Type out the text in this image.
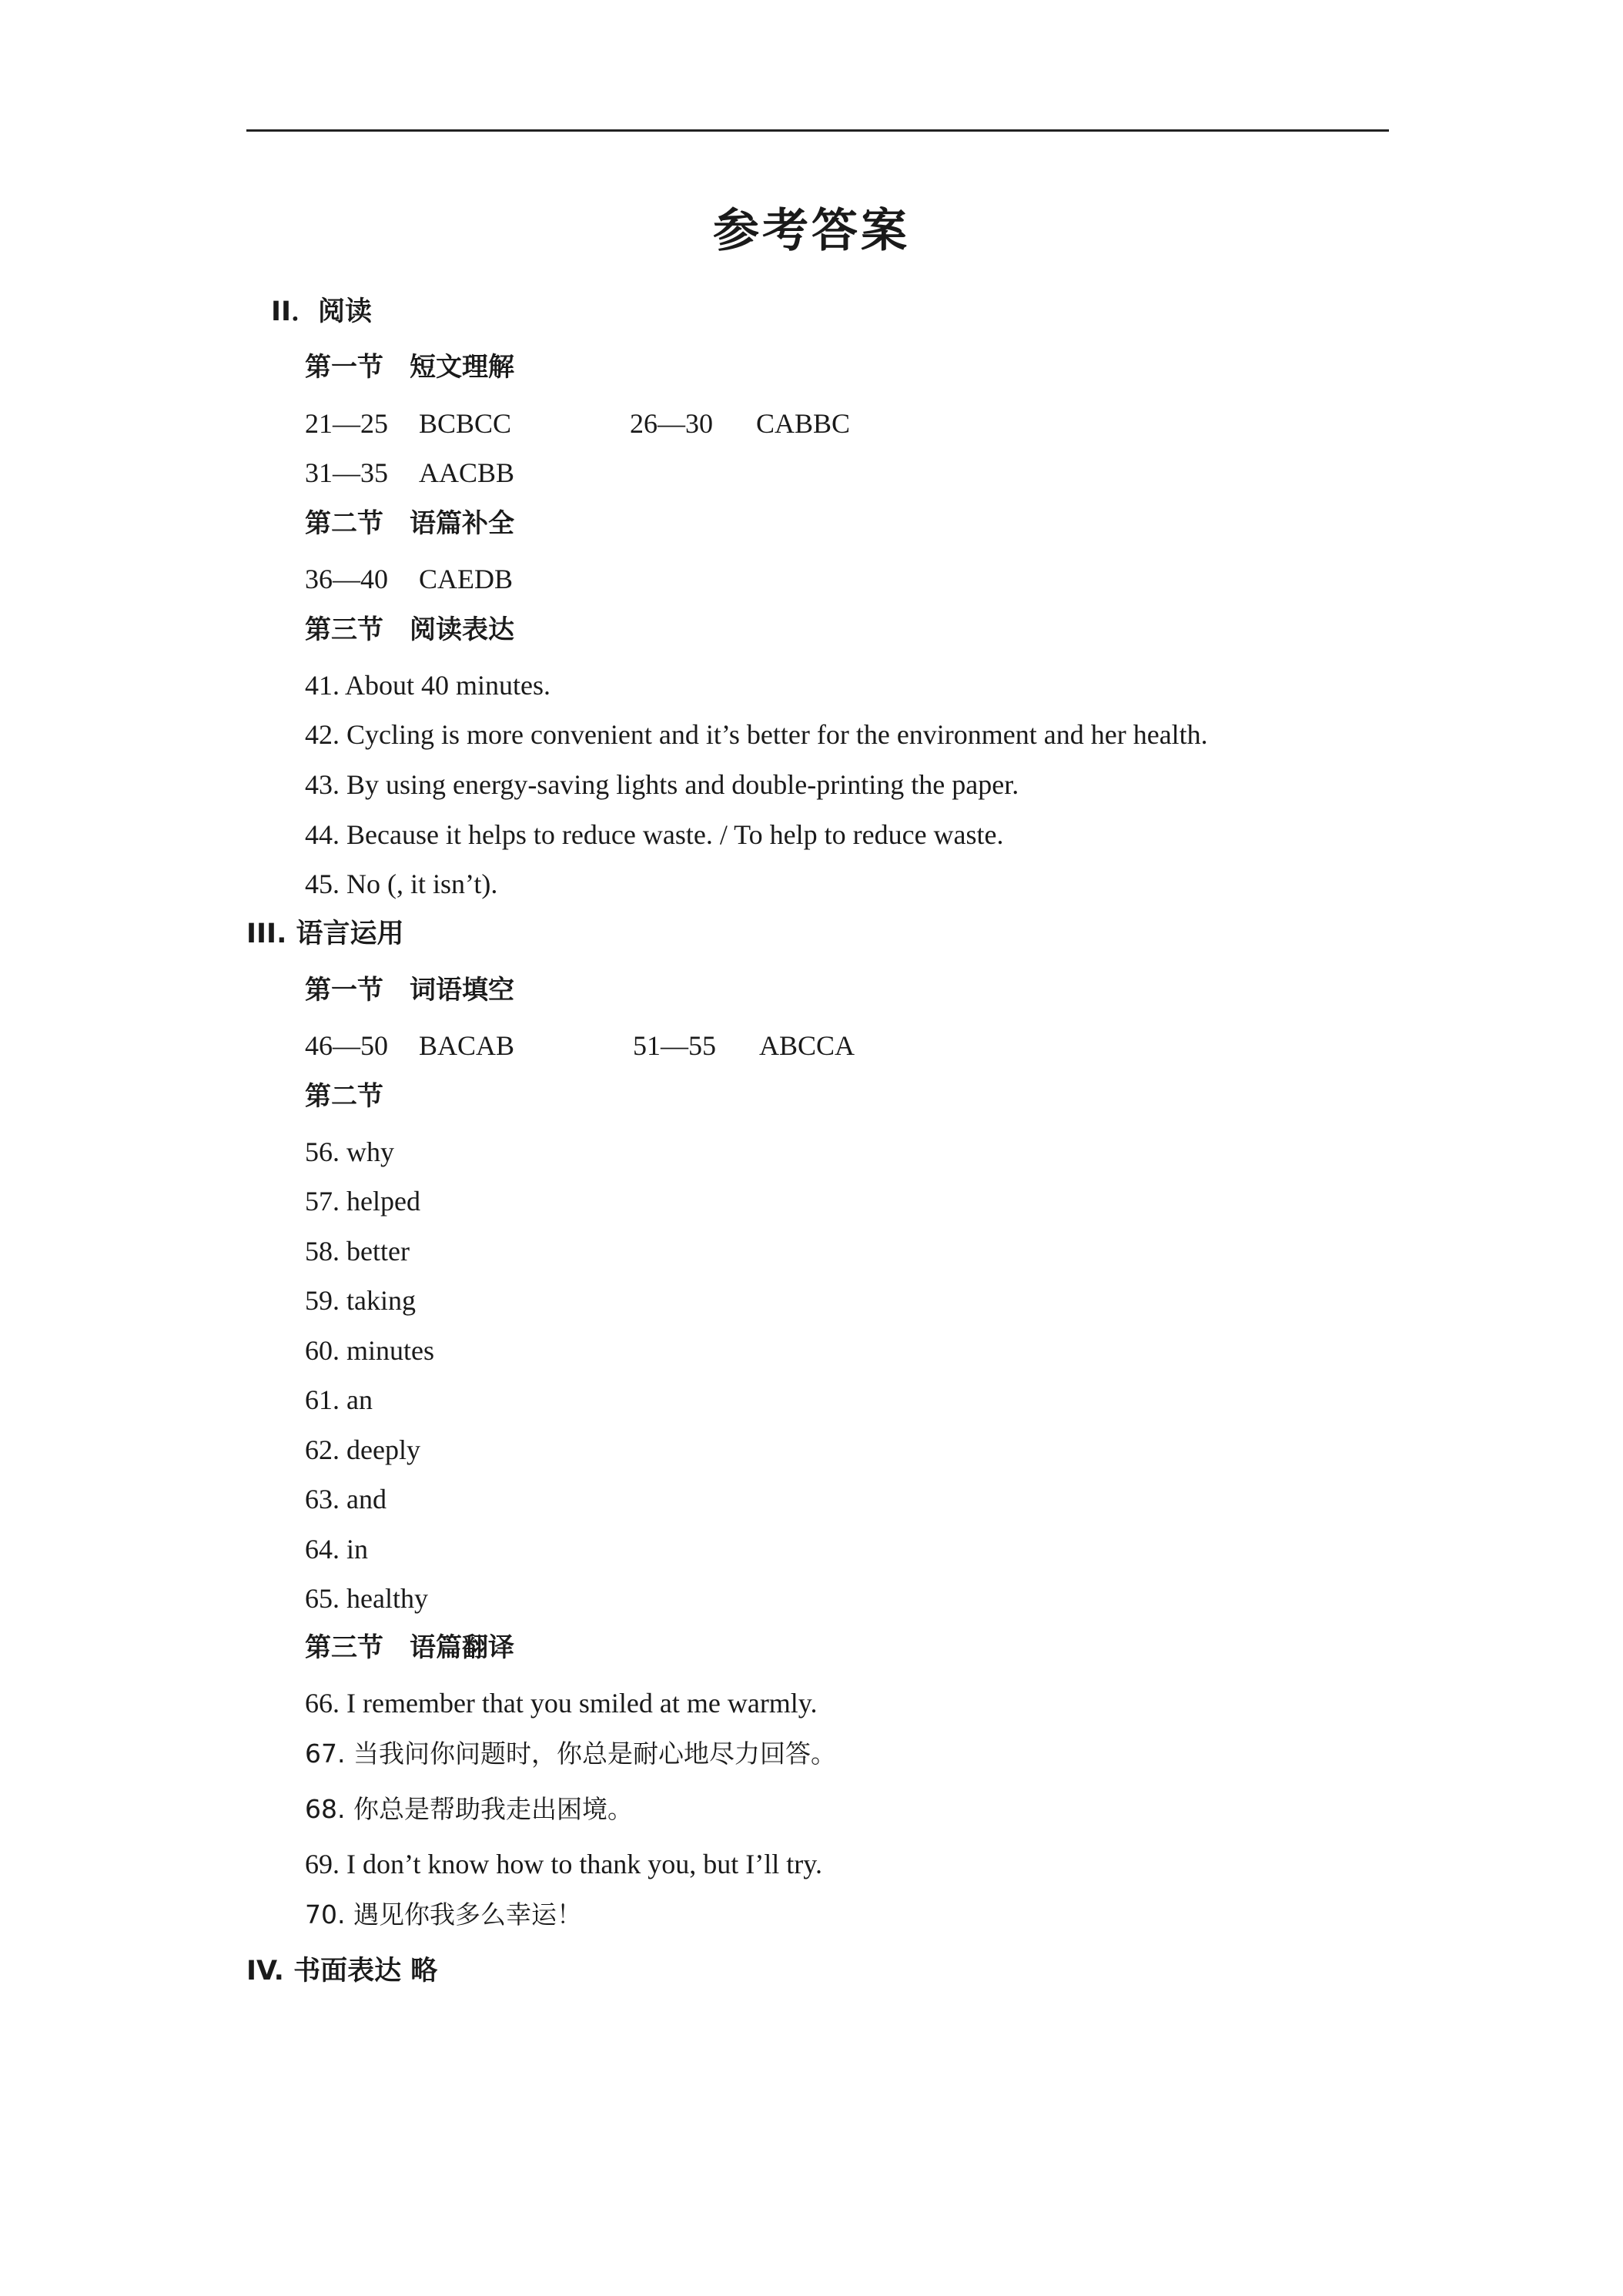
参考答案
II．阅读
第一节　短文理解
21—25 BCBCC	26—30 CABBC
31—35 AACBB
第二节　语篇补全
36—40 CAEDB
第三节　阅读表达
41. About 40 minutes.
42. Cycling is more convenient and it’s better for the environment and her health.
43. By using energy-saving lights and double-printing the paper.
44. Because it helps to reduce waste. / To help to reduce waste.
45. No (, it isn’t).
III. 语言运用
第一节　词语填空
46—50 BACAB	51—55 ABCCA
第二节
56. why
57. helped
58. better
59. taking
60. minutes
61. an
62. deeply
63. and
64. in
65. healthy
第三节　语篇翻译
66. I remember that you smiled at me warmly.
67. 当我问你问题时，你总是耐心地尽力回答。
68. 你总是帮助我走出困境。
69. I don’t know how to thank you, but I’ll try.
70. 遇见你我多么幸运！
IV. 书面表达 略
